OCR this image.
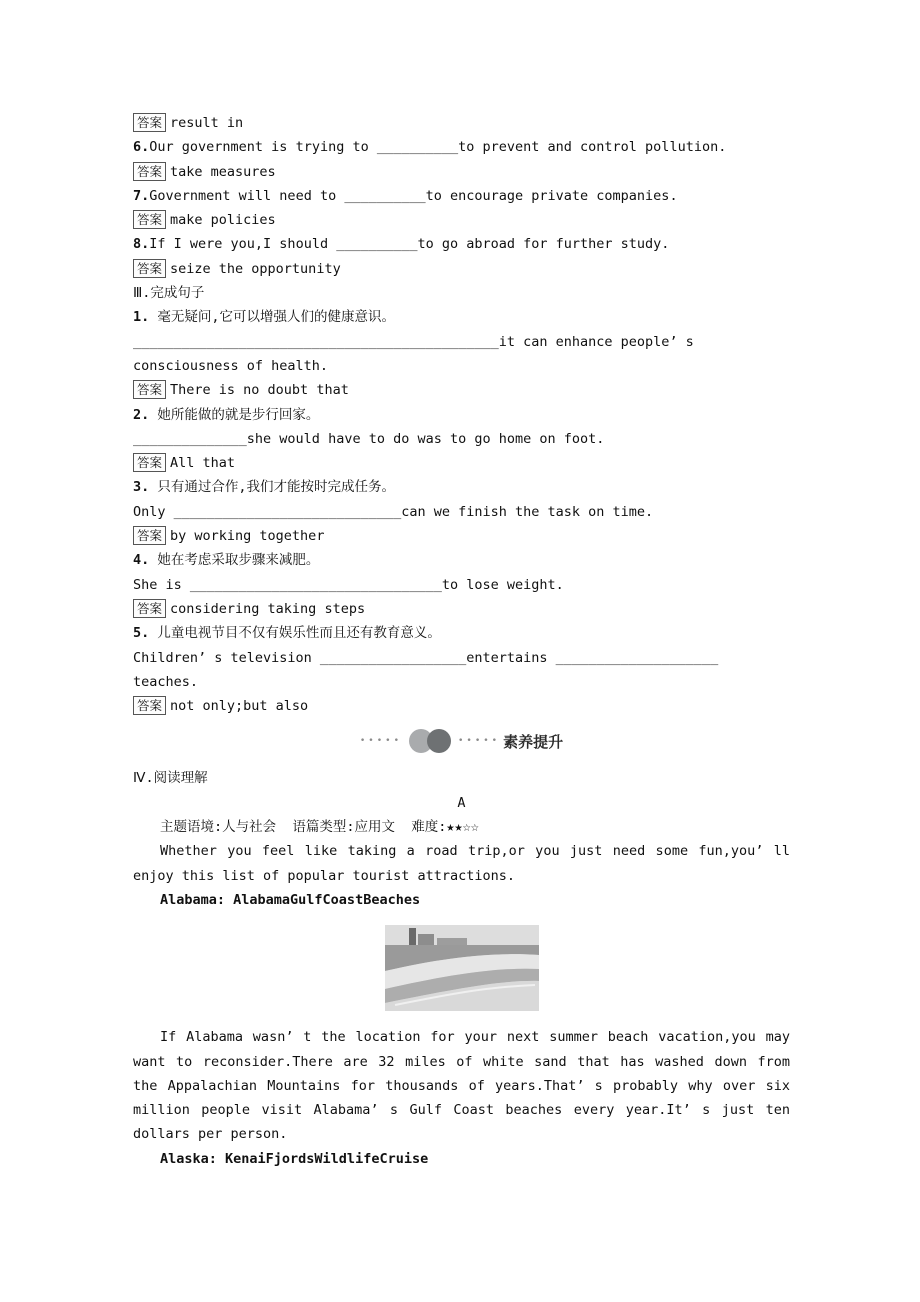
答案 result in
6.Our government is trying to __________to prevent and control pollution.
答案 take measures
7.Government will need to __________to encourage private companies.
答案 make policies
8.If I were you,I should __________to go abroad for further study.
答案 seize the opportunity
Ⅲ.完成句子
1. 毫无疑问,它可以增强人们的健康意识。
_____________________________________________it can enhance people’ s
consciousness of health.
答案 There is no doubt that
2. 她所能做的就是步行回家。
______________she would have to do was to go home on foot.
答案 All that
3. 只有通过合作,我们才能按时完成任务。
Only ____________________________can we finish the task on time.
答案 by working together
4. 她在考虑采取步骤来减肥。
She is _______________________________to lose weight.
答案 considering taking steps
5. 儿童电视节目不仅有娱乐性而且还有教育意义。
Children’ s television __________________entertains ____________________
teaches.
答案 not only;but also
•••••	••••• 素养提升
Ⅳ.阅读理解
A
主题语境:人与社会  语篇类型:应用文  难度:★★☆☆
Whether you feel like taking a road trip,or you just need some fun,you’ ll enjoy this list of popular tourist attractions.
Alabama: AlabamaGulfCoastBeaches
If Alabama wasn’ t the location for your next summer beach vacation,you may want to reconsider.There are 32 miles of white sand that has washed down from the Appalachian Mountains for thousands of years.That’ s probably why over six million people visit Alabama’ s Gulf Coast beaches every year.It’ s just ten dollars per person.
Alaska: KenaiFjordsWildlifeCruise
